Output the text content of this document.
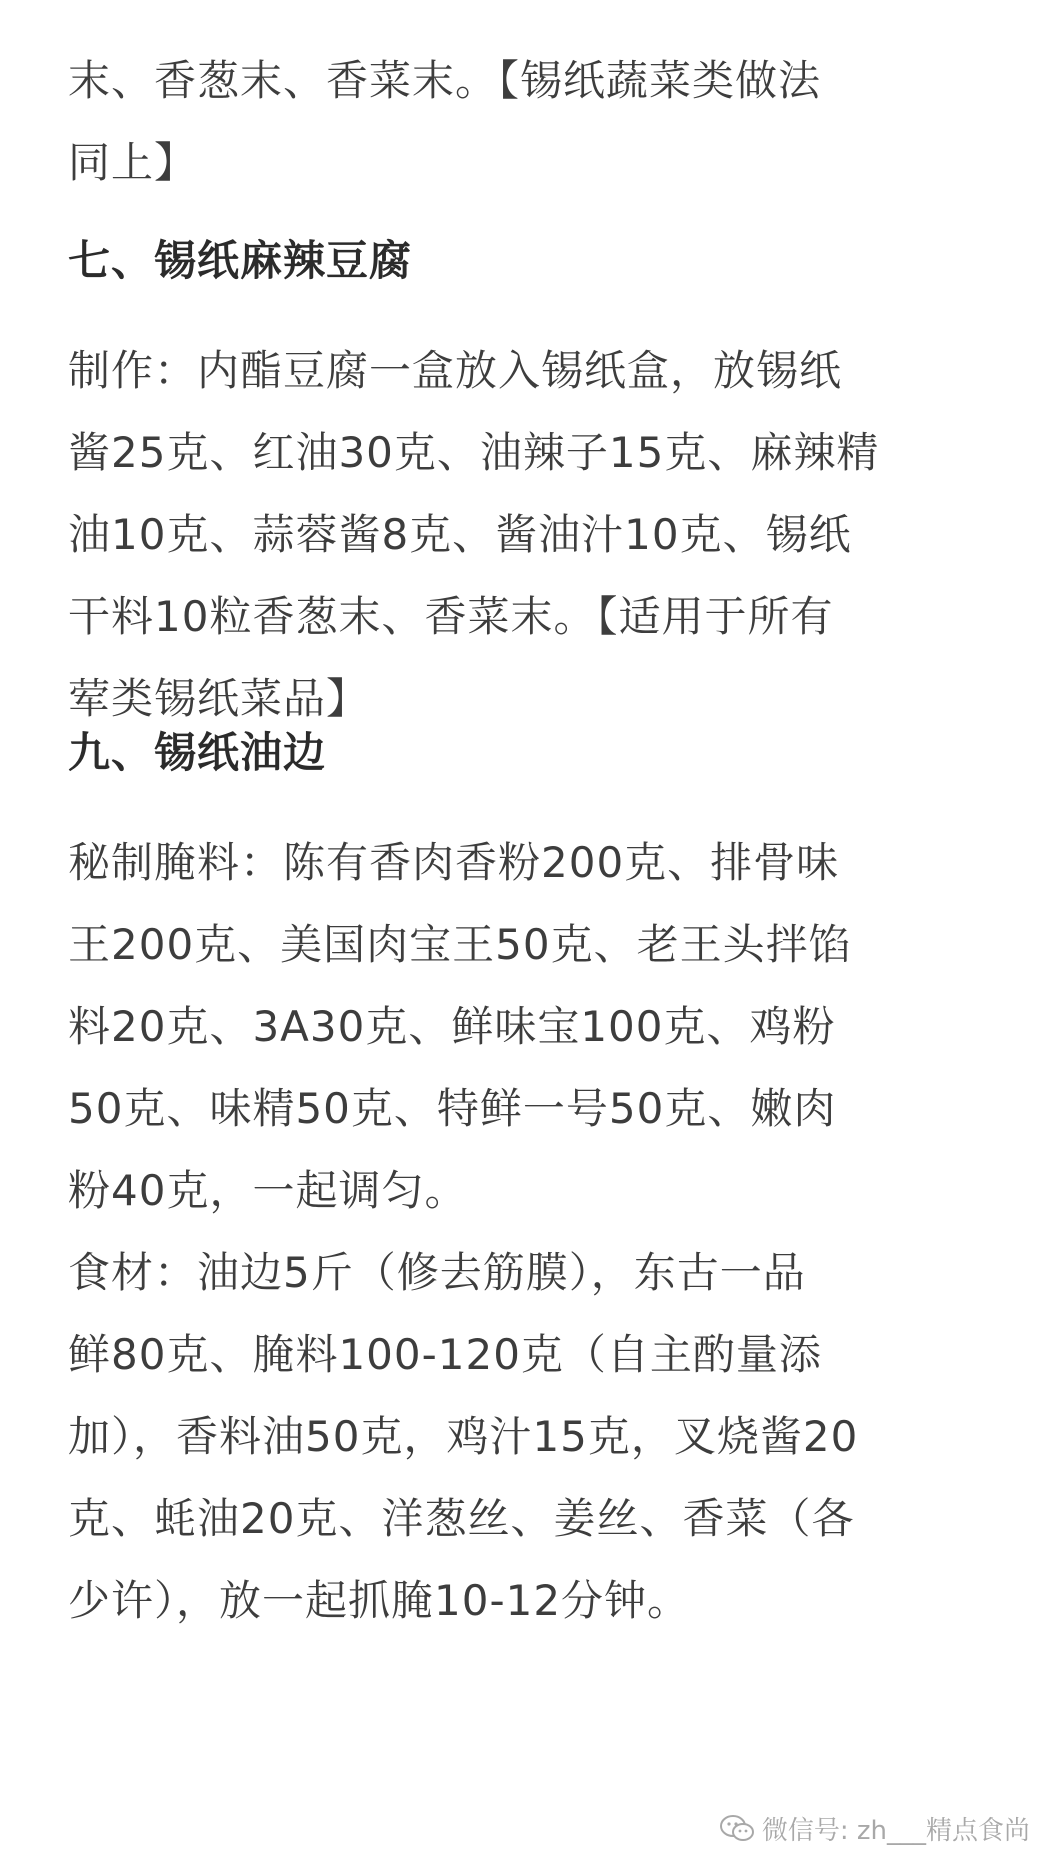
末、香葱末、香菜末。【锡纸蔬菜类做法
同上】
七、锡纸麻辣豆腐
制作：内酯豆腐一盒放入锡纸盒，放锡纸
酱25克、红油30克、油辣子15克、麻辣精
油10克、蒜蓉酱8克、酱油汁10克、锡纸
干料10粒香葱末、香菜末。【适用于所有
荤类锡纸菜品】
九、锡纸油边
秘制腌料：陈有香肉香粉200克、排骨味
王200克、美国肉宝王50克、老王头拌馅
料20克、3A30克、鲜味宝100克、鸡粉
50克、味精50克、特鲜一号50克、嫩肉
粉40克，一起调匀。
食材：油边5斤（修去筋膜），东古一品
鲜80克、腌料100-120克（自主酌量添
加），香料油50克，鸡汁15克，叉烧酱20
克、蚝油20克、洋葱丝、姜丝、香菜（各
少许），放一起抓腌10-12分钟。
微信号: zh___精点食尚
